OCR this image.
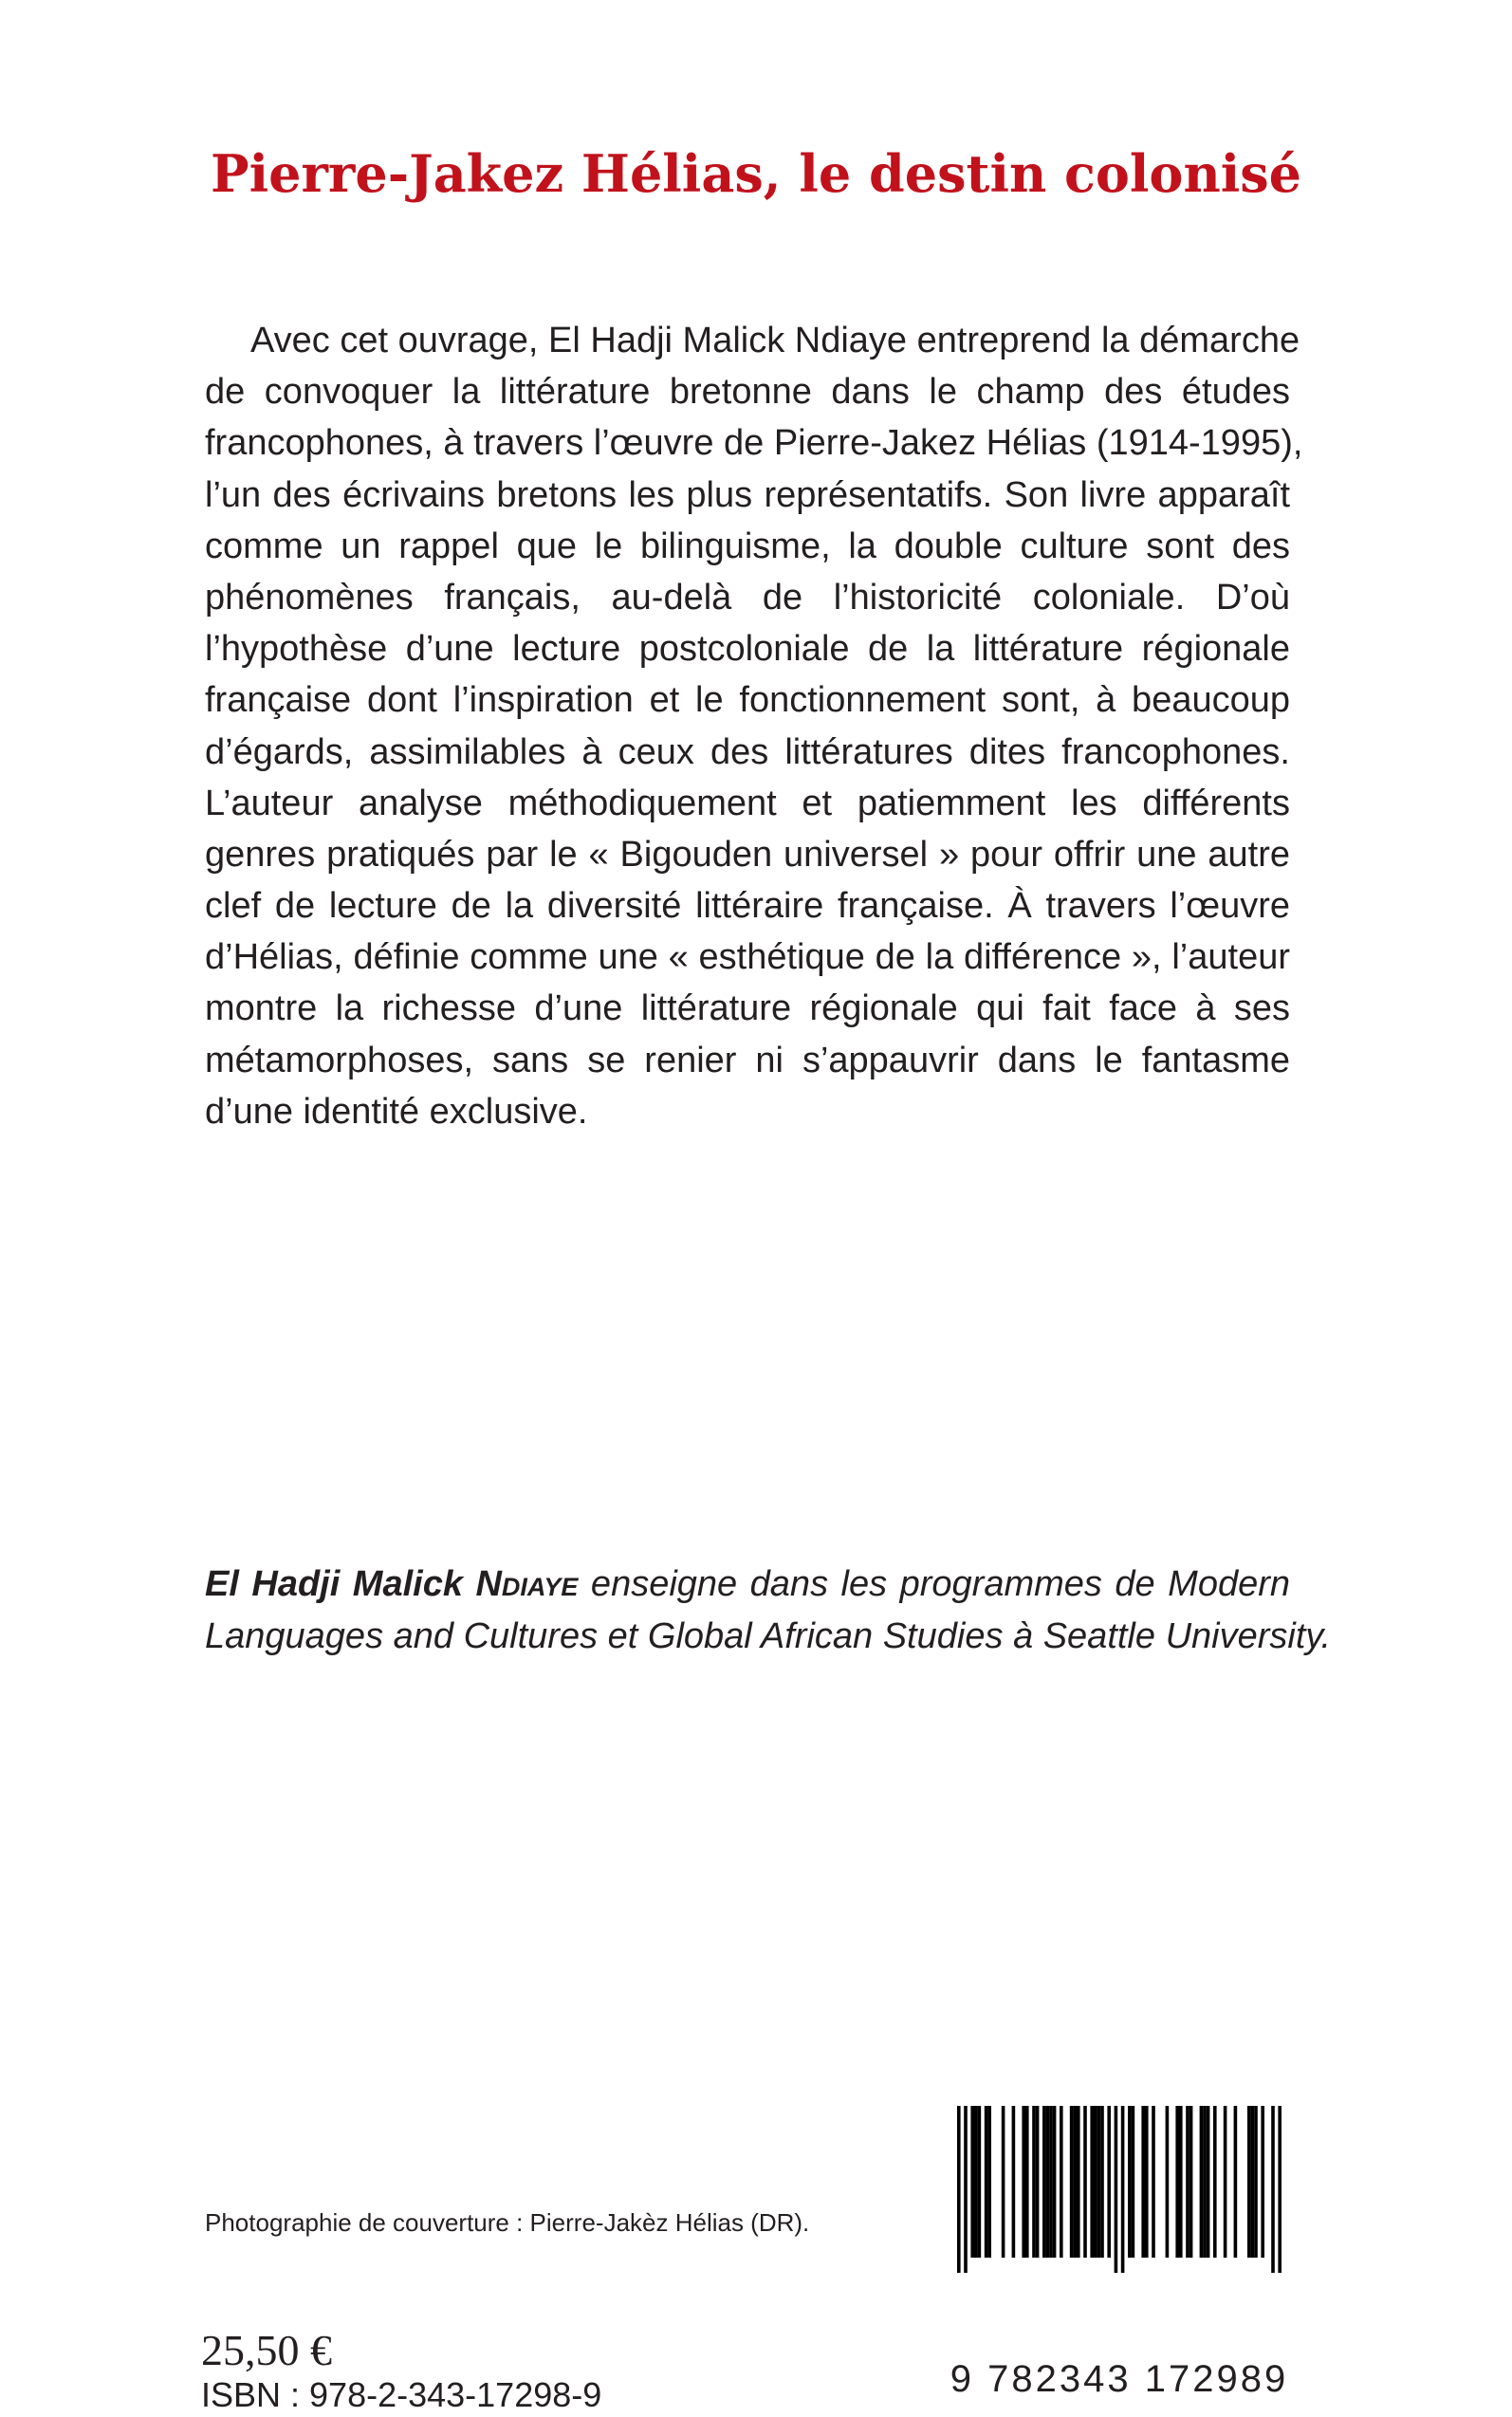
Pierre-Jakez Hélias, le destin colonisé
Avec cet ouvrage, El Hadji Malick Ndiaye entreprend la démarche
de convoquer la littérature bretonne dans le champ des études
francophones, à travers l’œuvre de Pierre-Jakez Hélias (1914-1995),
l’un des écrivains bretons les plus représentatifs. Son livre apparaît
comme un rappel que le bilinguisme, la double culture sont des
phénomènes français, au-delà de l’historicité coloniale. D’où
l’hypothèse d’une lecture postcoloniale de la littérature régionale
française dont l’inspiration et le fonctionnement sont, à beaucoup
d’égards, assimilables à ceux des littératures dites francophones.
L’auteur analyse méthodiquement et patiemment les différents
genres pratiqués par le « Bigouden universel » pour offrir une autre
clef de lecture de la diversité littéraire française. À travers l’œuvre
d’Hélias, définie comme une « esthétique de la différence », l’auteur
montre la richesse d’une littérature régionale qui fait face à ses
métamorphoses, sans se renier ni s’appauvrir dans le fantasme
d’une identité exclusive.
El Hadji Malick Ndiaye enseigne dans les programmes de Modern
Languages and Cultures et Global African Studies à Seattle University.

Photographie de couverture : Pierre-Jakèz Hélias (DR).

25,50 €

ISBN : 978-2-343-17298-9	9 782343 172989
